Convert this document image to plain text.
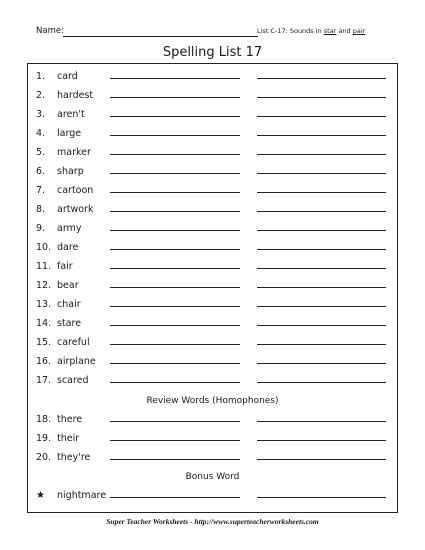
Name:	List C-17: Sounds in star and pair
Spelling List 17
1. card
2. hardest
3. aren't
4. large
5. marker
6. sharp
7. cartoon
8. artwork
9. army
10. dare
11. fair
12. bear
13. chair
14. stare
15. careful
16. airplane
17. scared
Review Words (Homophones)
18. there
19. their
20. they're
Bonus Word
★ nightmare
Super Teacher Worksheets - http://www.superteacherworksheets.com
